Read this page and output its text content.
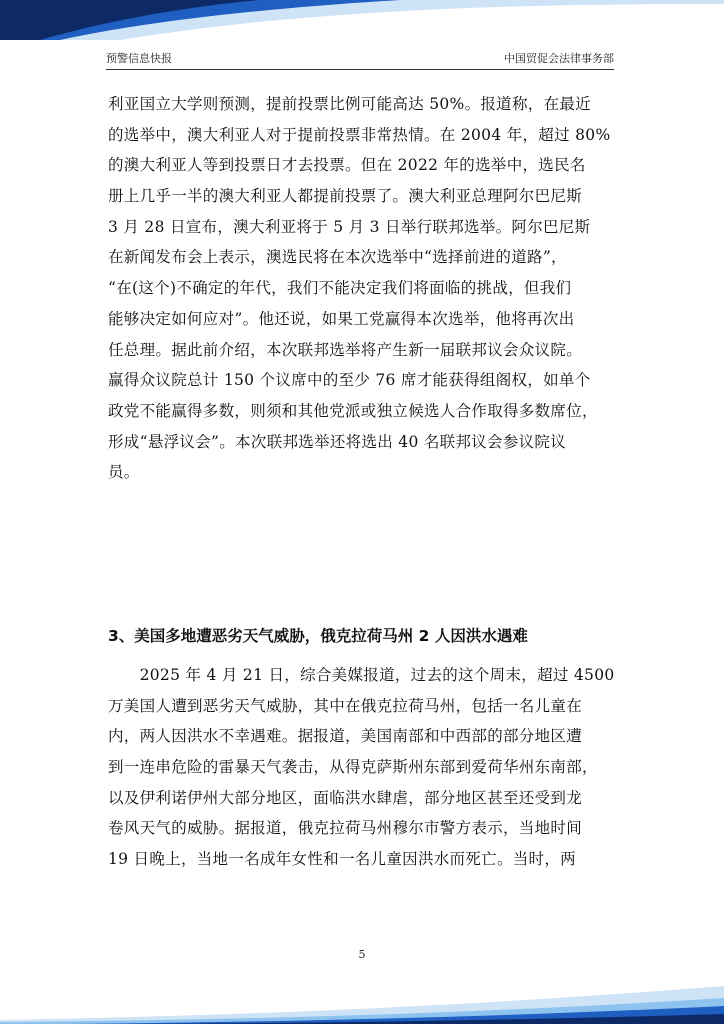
预警信息快报	中国贸促会法律事务部
利亚国立大学则预测，提前投票比例可能高达 50%。报道称，在最近
的选举中，澳大利亚人对于提前投票非常热情。在 2004 年，超过 80%
的澳大利亚人等到投票日才去投票。但在 2022 年的选举中，选民名
册上几乎一半的澳大利亚人都提前投票了。澳大利亚总理阿尔巴尼斯
3 月 28 日宣布，澳大利亚将于 5 月 3 日举行联邦选举。阿尔巴尼斯
在新闻发布会上表示，澳选民将在本次选举中“选择前进的道路”，
“在(这个)不确定的年代，我们不能决定我们将面临的挑战，但我们
能够决定如何应对”。他还说，如果工党赢得本次选举，他将再次出
任总理。据此前介绍，本次联邦选举将产生新一届联邦议会众议院。
赢得众议院总计 150 个议席中的至少 76 席才能获得组阁权，如单个
政党不能赢得多数，则须和其他党派或独立候选人合作取得多数席位，
形成“悬浮议会”。本次联邦选举还将选出 40 名联邦议会参议院议
员。
3、美国多地遭恶劣天气威胁，俄克拉荷马州 2 人因洪水遇难
　　2025 年 4 月 21 日，综合美媒报道，过去的这个周末，超过 4500
万美国人遭到恶劣天气威胁，其中在俄克拉荷马州，包括一名儿童在
内，两人因洪水不幸遇难。据报道，美国南部和中西部的部分地区遭
到一连串危险的雷暴天气袭击，从得克萨斯州东部到爱荷华州东南部，
以及伊利诺伊州大部分地区，面临洪水肆虐，部分地区甚至还受到龙
卷风天气的威胁。据报道，俄克拉荷马州穆尔市警方表示，当地时间
19 日晚上，当地一名成年女性和一名儿童因洪水而死亡。当时，两
5
